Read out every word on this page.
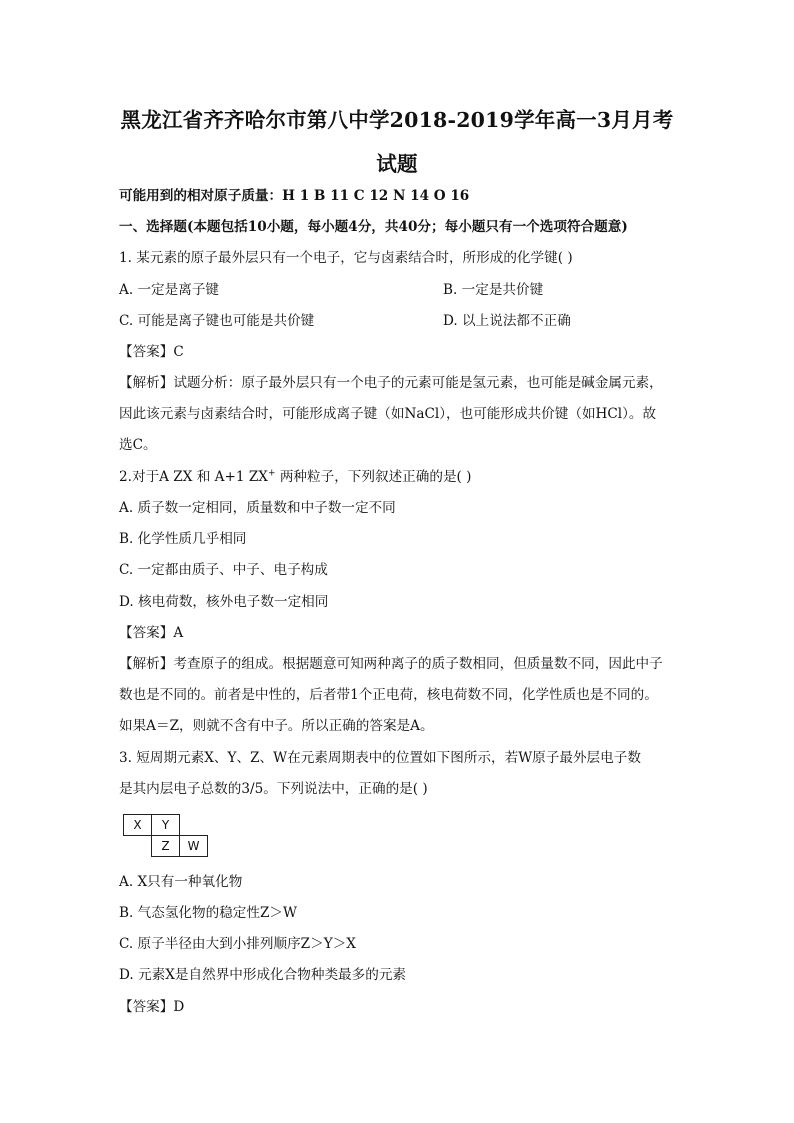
黑龙江省齐齐哈尔市第八中学2018-2019学年高一3月月考
试题
可能用到的相对原子质量：H 1 B 11 C 12 N 14 O 16
一、选择题(本题包括10小题，每小题4分，共40分；每小题只有一个选项符合题意)
1. 某元素的原子最外层只有一个电子，它与卤素结合时，所形成的化学键( )
A. 一定是离子键	B. 一定是共价键
C. 可能是离子键也可能是共价键	D. 以上说法都不正确
【答案】C
【解析】试题分析：原子最外层只有一个电子的元素可能是氢元素，也可能是碱金属元素，
因此该元素与卤素结合时，可能形成离子键（如NaCl），也可能形成共价键（如HCl）。故
选C。
2.对于A ZX 和 A+1 ZX+ 两种粒子，下列叙述正确的是( )
A. 质子数一定相同，质量数和中子数一定不同
B. 化学性质几乎相同
C. 一定都由质子、中子、电子构成
D. 核电荷数，核外电子数一定相同
【答案】A
【解析】考查原子的组成。根据题意可知两种离子的质子数相同，但质量数不同，因此中子
数也是不同的。前者是中性的，后者带1个正电荷，核电荷数不同，化学性质也是不同的。
如果A＝Z，则就不含有中子。所以正确的答案是A。
3. 短周期元素X、Y、Z、W在元素周期表中的位置如下图所示，若W原子最外层电子数
是其内层电子总数的3/5。下列说法中，正确的是( )
X	Y	
	Z	W
A. X只有一种氧化物
B. 气态氢化物的稳定性Z＞W
C. 原子半径由大到小排列顺序Z＞Y＞X
D. 元素X是自然界中形成化合物种类最多的元素
【答案】D
